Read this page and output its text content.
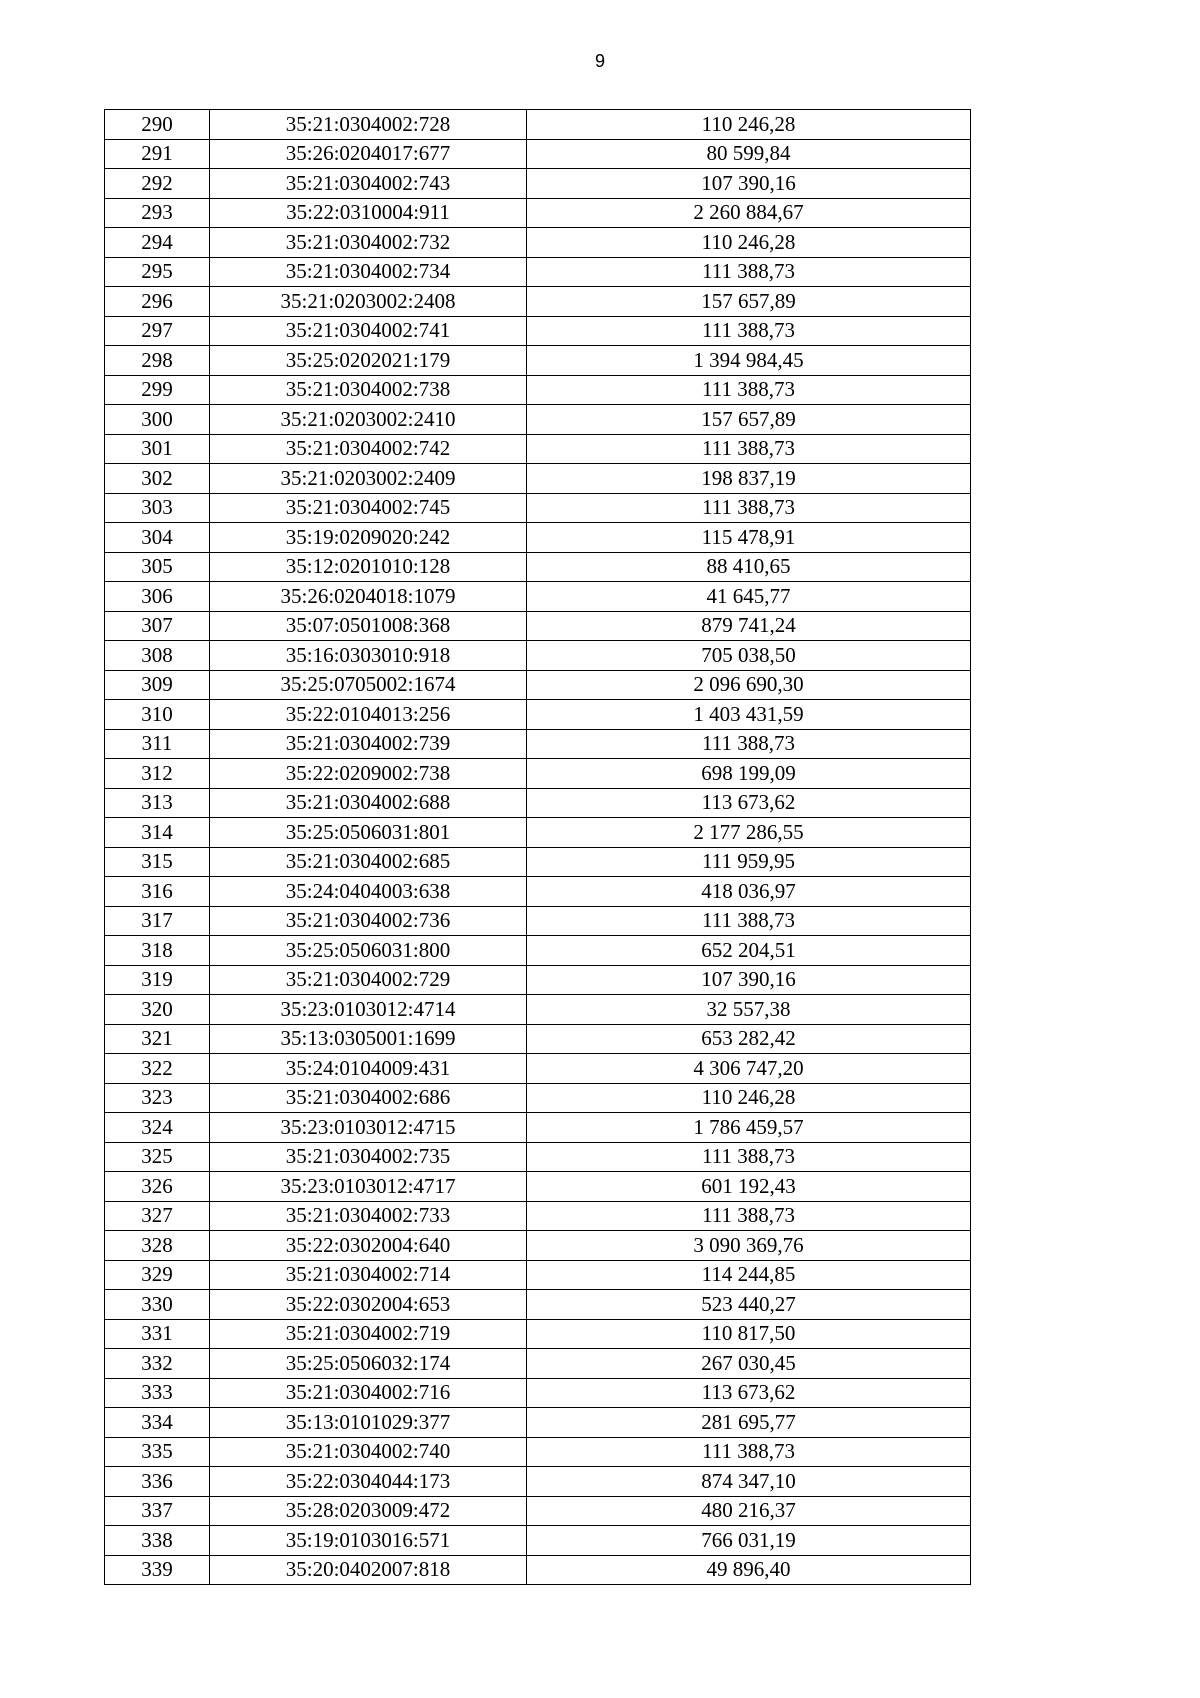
9
290	35:21:0304002:728	110 246,28
291	35:26:0204017:677	80 599,84
292	35:21:0304002:743	107 390,16
293	35:22:0310004:911	2 260 884,67
294	35:21:0304002:732	110 246,28
295	35:21:0304002:734	111 388,73
296	35:21:0203002:2408	157 657,89
297	35:21:0304002:741	111 388,73
298	35:25:0202021:179	1 394 984,45
299	35:21:0304002:738	111 388,73
300	35:21:0203002:2410	157 657,89
301	35:21:0304002:742	111 388,73
302	35:21:0203002:2409	198 837,19
303	35:21:0304002:745	111 388,73
304	35:19:0209020:242	115 478,91
305	35:12:0201010:128	88 410,65
306	35:26:0204018:1079	41 645,77
307	35:07:0501008:368	879 741,24
308	35:16:0303010:918	705 038,50
309	35:25:0705002:1674	2 096 690,30
310	35:22:0104013:256	1 403 431,59
311	35:21:0304002:739	111 388,73
312	35:22:0209002:738	698 199,09
313	35:21:0304002:688	113 673,62
314	35:25:0506031:801	2 177 286,55
315	35:21:0304002:685	111 959,95
316	35:24:0404003:638	418 036,97
317	35:21:0304002:736	111 388,73
318	35:25:0506031:800	652 204,51
319	35:21:0304002:729	107 390,16
320	35:23:0103012:4714	32 557,38
321	35:13:0305001:1699	653 282,42
322	35:24:0104009:431	4 306 747,20
323	35:21:0304002:686	110 246,28
324	35:23:0103012:4715	1 786 459,57
325	35:21:0304002:735	111 388,73
326	35:23:0103012:4717	601 192,43
327	35:21:0304002:733	111 388,73
328	35:22:0302004:640	3 090 369,76
329	35:21:0304002:714	114 244,85
330	35:22:0302004:653	523 440,27
331	35:21:0304002:719	110 817,50
332	35:25:0506032:174	267 030,45
333	35:21:0304002:716	113 673,62
334	35:13:0101029:377	281 695,77
335	35:21:0304002:740	111 388,73
336	35:22:0304044:173	874 347,10
337	35:28:0203009:472	480 216,37
338	35:19:0103016:571	766 031,19
339	35:20:0402007:818	49 896,40
